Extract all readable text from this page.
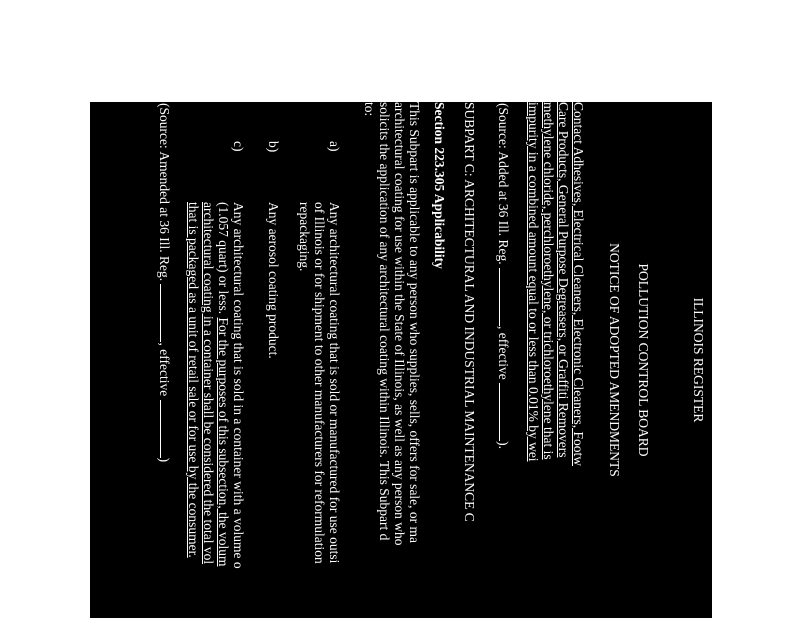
ILLINOIS REGISTER
POLLUTION CONTROL BOARD
NOTICE OF ADOPTED AMENDMENTS
Contact Adhesives, Electrical Cleaners, Electronic Cleaners, Footw
Care Products, General Purpose Degreasers, or Graffiti Removers
methylene chloride, perchloroethylene, or trichloroethylene that is
impurity in a combined amount equal to or less than 0.01% by wei
(Source: Added at 36 Ill. Reg. , effective ).
SUBPART C: ARCHITECTURAL AND INDUSTRIAL MAINTENANCE C
Section 223.305 Applicability
This Subpart is applicable to any person who supplies, sells, offers for sale, or ma
architectural coating for use within the State of Illinois, as well as any person who
solicits the application of any architectural coating within Illinois. This Subpart d
to:
a)
Any architectural coating that is sold or manufactured for use outsi
of Illinois or for shipment to other manufacturers for reformulation
repackaging.
b)
Any aerosol coating product.
c)
Any architectural coating that is sold in a container with a volume o
(1.057 quart) or less. For the purposes of this subsection, the volum
architectural coating in a container shall be considered the total vol
that is packaged as a unit of retail sale or for use by the consumer.
(Source: Amended at 36 Ill. Reg. , effective )
